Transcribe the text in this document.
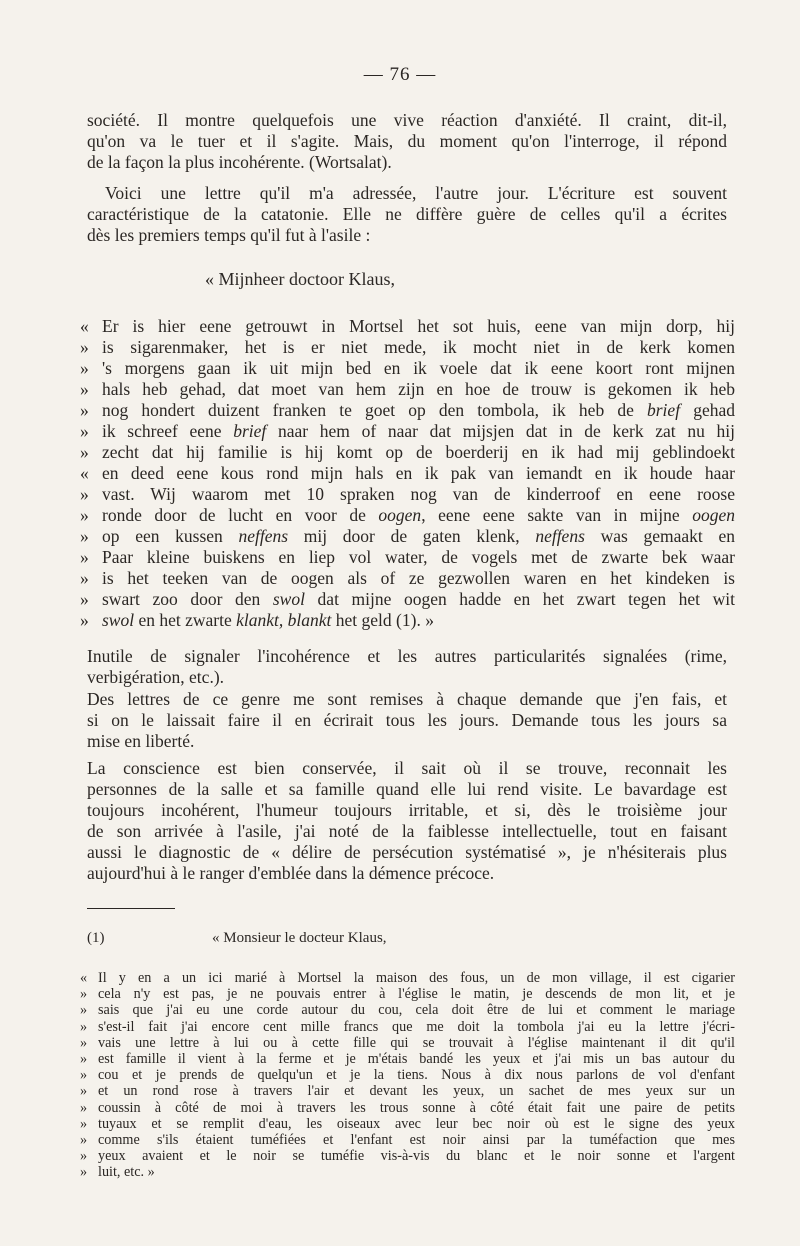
— 76 —
société. Il montre quelquefois une vive réaction d'anxiété. Il craint, dit-il,
qu'on va le tuer et il s'agite. Mais, du moment qu'on l'interroge, il répond
de la façon la plus incohérente. (Wortsalat).
Voici une lettre qu'il m'a adressée, l'autre jour. L'écriture est souvent
caractéristique de la catatonie. Elle ne diffère guère de celles qu'il a écrites
dès les premiers temps qu'il fut à l'asile :
« Mijnheer doctoor Klaus,
« Er is hier eene getrouwt in Mortsel het sot huis, eene van mijn dorp, hij
» is sigarenmaker, het is er niet mede, ik mocht niet in de kerk komen
» 's morgens gaan ik uit mijn bed en ik voele dat ik eene koort ront mijnen
» hals heb gehad, dat moet van hem zijn en hoe de trouw is gekomen ik heb
» nog hondert duizent franken te goet op den tombola, ik heb de brief gehad
» ik schreef eene brief naar hem of naar dat mijsjen dat in de kerk zat nu hij
» zecht dat hij familie is hij komt op de boerderij en ik had mij geblindoekt
« en deed eene kous rond mijn hals en ik pak van iemandt en ik houde haar
» vast. Wij waarom met 10 spraken nog van de kinderroof en eene roose
» ronde door de lucht en voor de oogen, eene eene sakte van in mijne oogen
» op een kussen neffens mij door de gaten klenk, neffens was gemaakt en
» Paar kleine buiskens en liep vol water, de vogels met de zwarte bek waar
» is het teeken van de oogen als of ze gezwollen waren en het kindeken is
» swart zoo door den swol dat mijne oogen hadde en het zwart tegen het wit
» swol en het zwarte klankt, blankt het geld (1). »
Inutile de signaler l'incohérence et les autres particularités signalées (rime,
verbigération, etc.).
Des lettres de ce genre me sont remises à chaque demande que j'en fais, et
si on le laissait faire il en écrirait tous les jours. Demande tous les jours sa
mise en liberté.
La conscience est bien conservée, il sait où il se trouve, reconnait les
personnes de la salle et sa famille quand elle lui rend visite. Le bavardage est
toujours incohérent, l'humeur toujours irritable, et si, dès le troisième jour
de son arrivée à l'asile, j'ai noté de la faiblesse intellectuelle, tout en faisant
aussi le diagnostic de « délire de persécution systématisé », je n'hésiterais plus
aujourd'hui à le ranger d'emblée dans la démence précoce.
(1)	« Monsieur le docteur Klaus,
« Il y en a un ici marié à Mortsel la maison des fous, un de mon village, il est cigarier
» cela n'y est pas, je ne pouvais entrer à l'église le matin, je descends de mon lit, et je
» sais que j'ai eu une corde autour du cou, cela doit être de lui et comment le mariage
» s'est-il fait j'ai encore cent mille francs que me doit la tombola j'ai eu la lettre j'écri-
» vais une lettre à lui ou à cette fille qui se trouvait à l'église maintenant il dit qu'il
» est famille il vient à la ferme et je m'étais bandé les yeux et j'ai mis un bas autour du
» cou et je prends de quelqu'un et je la tiens. Nous à dix nous parlons de vol d'enfant
» et un rond rose à travers l'air et devant les yeux, un sachet de mes yeux sur un
» coussin à côté de moi à travers les trous sonne à côté était fait une paire de petits
» tuyaux et se remplit d'eau, les oiseaux avec leur bec noir où est le signe des yeux
» comme s'ils étaient tuméfiées et l'enfant est noir ainsi par la tuméfaction que mes
» yeux avaient et le noir se tuméfie vis-à-vis du blanc et le noir sonne et l'argent
» luit, etc. »
